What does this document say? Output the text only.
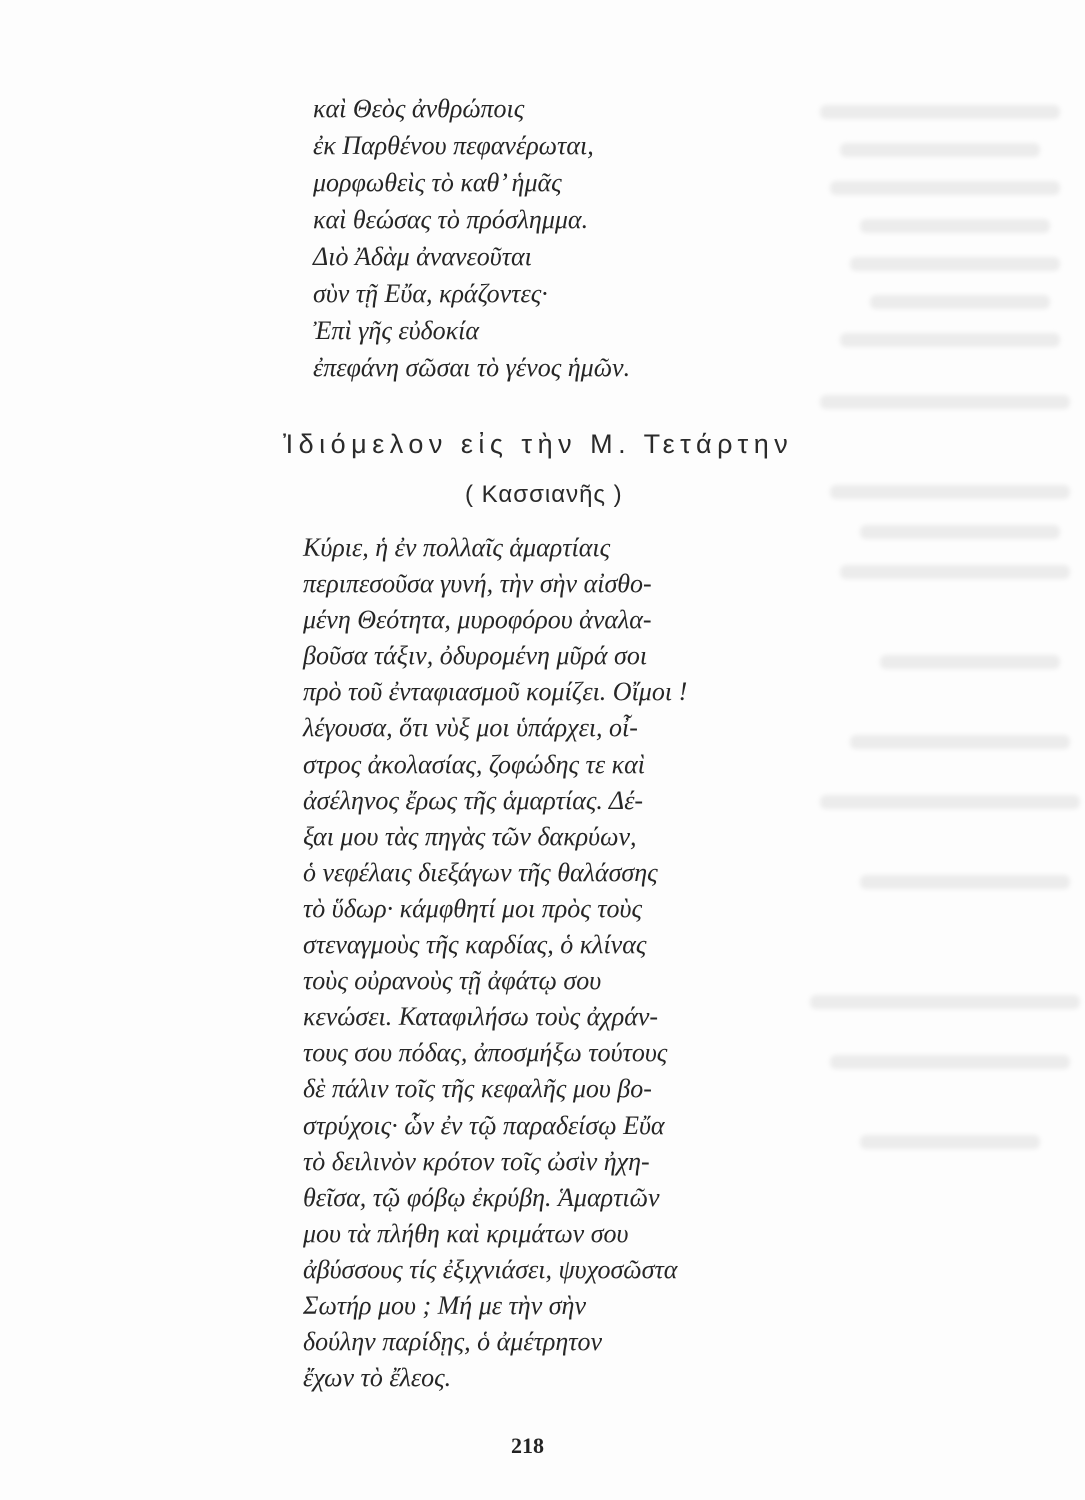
καὶ Θεὸς ἀνθρώποις
ἐκ Παρθένου πεφανέρωται,
μορφωθεὶς τὸ καθ’ ἡμᾶς
καὶ θεώσας τὸ πρόσλημμα.
Διὸ Ἀδὰμ ἀνανεοῦται
σὺν τῇ Εὔα, κράζοντες·
Ἐπὶ γῆς εὐδοκία
ἐπεφάνη σῶσαι τὸ γένος ἡμῶν.
Ἰδιόμελον εἰς τὴν Μ. Τετάρτην
( Κασσιανῆς )
Κύριε, ἡ ἐν πολλαῖς ἁμαρτίαις
περιπεσοῦσα γυνή, τὴν σὴν αἰσθο-
μένη Θεότητα, μυροφόρου ἀναλα-
βοῦσα τάξιν, ὀδυρομένη μῦρά σοι
πρὸ τοῦ ἐνταφιασμοῦ κομίζει. Οἴμοι !
λέγουσα, ὅτι νὺξ μοι ὑπάρχει, οἶ-
στρος ἀκολασίας, ζοφώδης τε καὶ
ἀσέληνος ἔρως τῆς ἁμαρτίας. Δέ-
ξαι μου τὰς πηγὰς τῶν δακρύων,
ὁ νεφέλαις διεξάγων τῆς θαλάσσης
τὸ ὕδωρ· κάμφθητί μοι πρὸς τοὺς
στεναγμοὺς τῆς καρδίας, ὁ κλίνας
τοὺς οὐρανοὺς τῇ ἀφάτῳ σου
κενώσει. Καταφιλήσω τοὺς ἀχράν-
τους σου πόδας, ἀποσμήξω τούτους
δὲ πάλιν τοῖς τῆς κεφαλῆς μου βο-
στρύχοις· ὧν ἐν τῷ παραδείσῳ Εὔα
τὸ δειλινὸν κρότον τοῖς ὠσὶν ἠχη-
θεῖσα, τῷ φόβῳ ἐκρύβη. Ἁμαρτιῶν
μου τὰ πλήθη καὶ κριμάτων σου
ἀβύσσους τίς ἐξιχνιάσει, ψυχοσῶστα
Σωτήρ μου ; Μή με τὴν σὴν
δούλην παρίδῃς, ὁ ἀμέτρητον
ἔχων τὸ ἔλεος.
218
